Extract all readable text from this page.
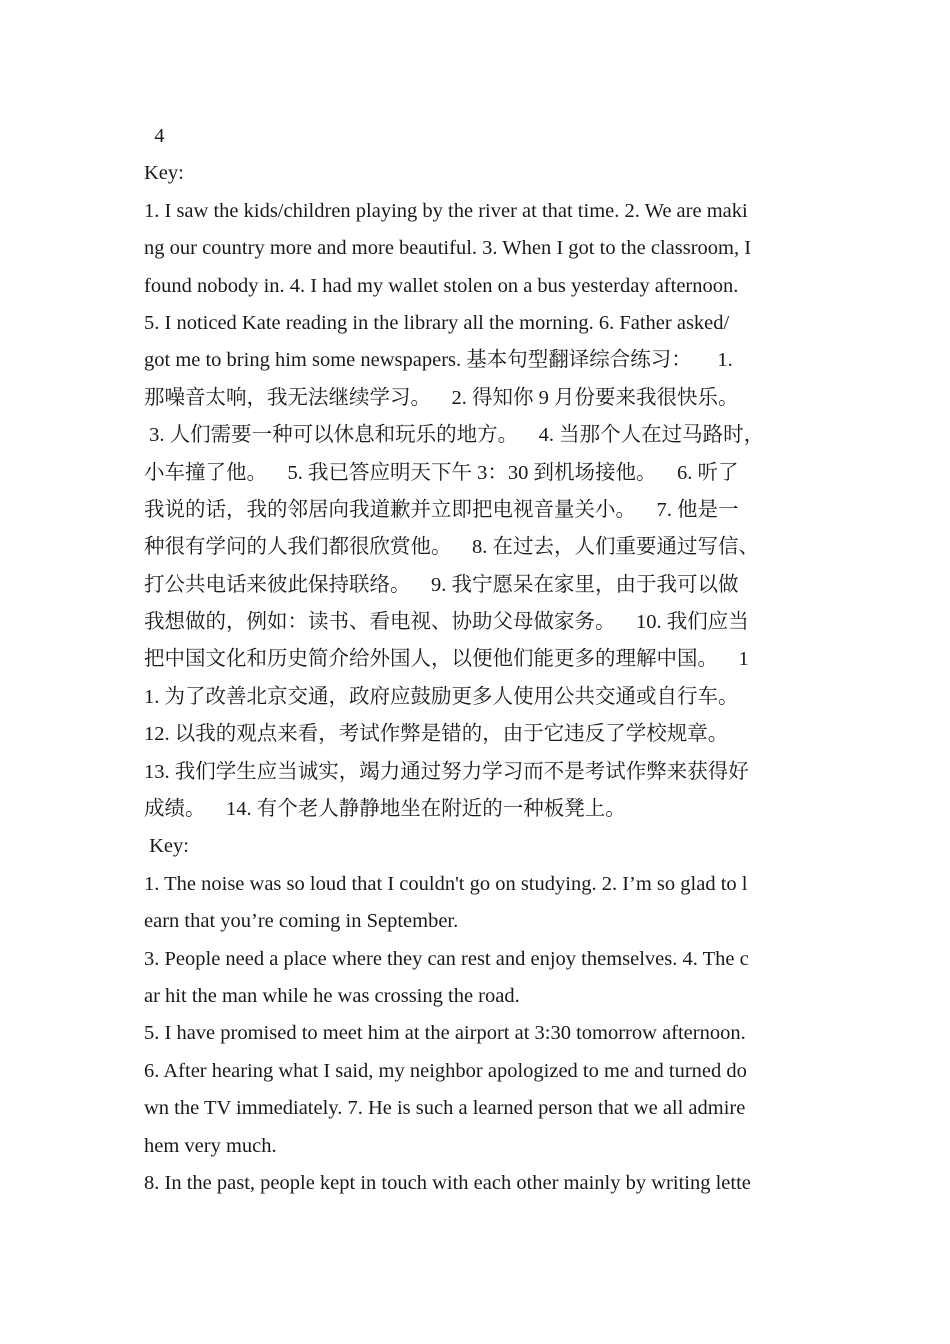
4
Key:
1. I saw the kids/children playing by the river at that time. 2. We are maki
ng our country more and more beautiful. 3. When I got to the classroom, I
found nobody in. 4. I had my wallet stolen on a bus yesterday afternoon.
5. I noticed Kate reading in the library all the morning. 6. Father asked/
got me to bring him some newspapers. 基本句型翻译综合练习：     1.
那噪音太响，我无法继续学习。    2. 得知你 9 月份要来我很快乐。
3. 人们需要一种可以休息和玩乐的地方。    4. 当那个人在过马路时，
小车撞了他。    5. 我已答应明天下午 3：30 到机场接他。    6. 听了
我说的话，我的邻居向我道歉并立即把电视音量关小。    7. 他是一
种很有学问的人我们都很欣赏他。    8. 在过去，人们重要通过写信、
打公共电话来彼此保持联络。    9. 我宁愿呆在家里，由于我可以做
我想做的，例如：读书、看电视、协助父母做家务。    10. 我们应当
把中国文化和历史简介给外国人，以便他们能更多的理解中国。    1
1. 为了改善北京交通，政府应鼓励更多人使用公共交通或自行车。
12. 以我的观点来看，考试作弊是错的，由于它违反了学校规章。
13. 我们学生应当诚实，竭力通过努力学习而不是考试作弊来获得好
成绩。    14. 有个老人静静地坐在附近的一种板凳上。
Key:
1. The noise was so loud that I couldn't go on studying. 2. I’m so glad to l
earn that you’re coming in September.
3. People need a place where they can rest and enjoy themselves. 4. The c
ar hit the man while he was crossing the road.
5. I have promised to meet him at the airport at 3:30 tomorrow afternoon.
6. After hearing what I said, my neighbor apologized to me and turned do
wn the TV immediately. 7. He is such a learned person that we all admire
hem very much.
8. In the past, people kept in touch with each other mainly by writing lette
